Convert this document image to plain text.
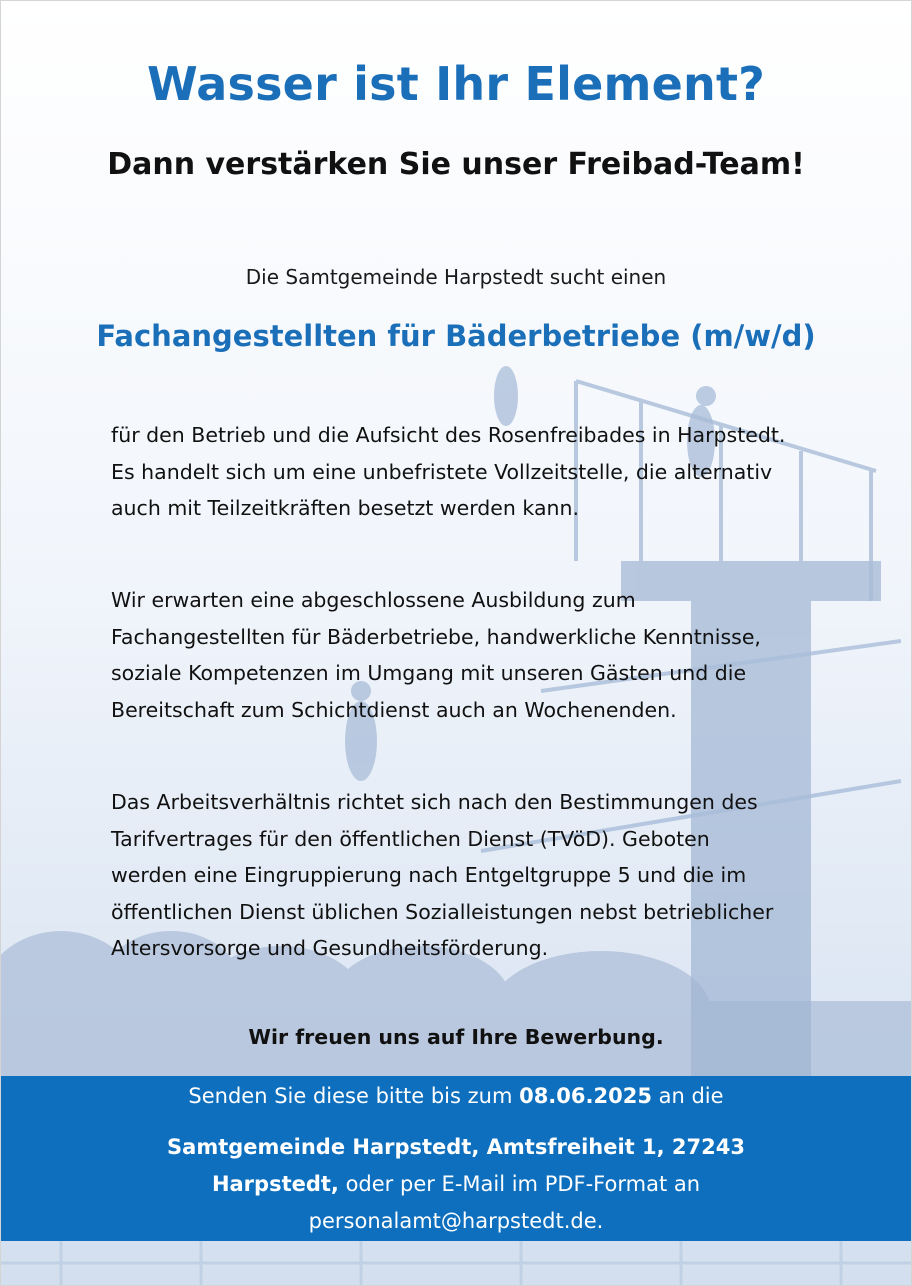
Wasser ist Ihr Element?
Dann verstärken Sie unser Freibad-Team!
Die Samtgemeinde Harpstedt sucht einen
Fachangestellten für Bäderbetriebe (m/w/d)

für den Betrieb und die Aufsicht des Rosenfreibades in Harpstedt. Es handelt sich um eine unbefristete Vollzeitstelle, die alternativ auch mit Teilzeitkräften besetzt werden kann.

Wir erwarten eine abgeschlossene Ausbildung zum Fachangestellten für Bäderbetriebe, handwerkliche Kenntnisse, soziale Kompetenzen im Umgang mit unseren Gästen und die Bereitschaft zum Schichtdienst auch an Wochenenden.

Das Arbeitsverhältnis richtet sich nach den Bestimmungen des Tarifvertrages für den öffentlichen Dienst (TVöD). Geboten werden eine Eingruppierung nach Entgeltgruppe 5 und die im öffentlichen Dienst üblichen Sozialleistungen nebst betrieblicher Altersvorsorge und Gesundheitsförderung.

Wir freuen uns auf Ihre Bewerbung.
Senden Sie diese bitte bis zum 08.06.2025 an die
Samtgemeinde Harpstedt, Amtsfreiheit 1, 27243 Harpstedt, oder per E-Mail im PDF-Format an personalamt@harpstedt.de.
